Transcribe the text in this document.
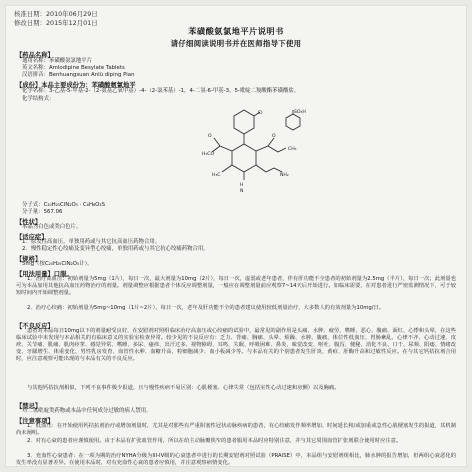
核准日期：2010年06月29日
修改日期：2015年12月01日
苯磺酸氨氯地平片说明书
请仔细阅读说明书并在医师指导下使用
【药品名称】
通用名称：苯磺酸氨氯地平片
英文名称：Amlodipine Besylate Tablets
汉语拼音：Benhuangsuan Anlü diping Pian
【成份】本品主要成份为：苯磺酸氨氯地平
化学名称：3-乙基-5-甲基-2-（2-氨基乙氧甲基）-4-（2-氯苯基）-1，4-二氢-6-甲基-3，5-吡啶二羧酸酯苯磺酸盐。
化学结构式：
Cl
O
H₃CO
O
CH₃
H₃C	NH₂
H
N
SO₃H
分子式：C₂₀H₂₅ClN₂O₅ · C₆H₆O₃S
分子量：567.06
【性状】
本品为白色或类白色片。
【适应症】
1．原发性高血压，单独用药或与其它抗高血压药物合用。
2．慢性稳定性心绞痛及变异型心绞痛，单独用药或与其它抗心绞痛药物合用。
【规格】
5mg（按C₂₀H₂₅ClN₂O₅计）。
【用法用量】口服。
1．治疗高血压：初始剂量为5mg（1片），每日一次，最大剂量为10mg（2片），每日一次，虚弱或老年患者，伴有肝功能不全患者的初始剂量为2.5mg（半片），每日一次；此剂量也可为本品加用其他抗高血压药物治疗的剂量。剂量调整应根据患者个体反应调整剂量，一般应在调整剂量前应观察7~14天后开始进行。如临床需要，在对患者进行严密监测情况下，可于较短时间内开始调整剂量。
2．治疗心绞痛：初始剂量为5mg~10mg（1片~2片），每日一次，老年及肝功能不全的患者建议使用较低剂量治疗，大多数人的有效剂量为10mg/日。
【不良反应】
患者对本品每日10mg以下的剂量耐受良好，在安慰剂对照组临床治疗高血压或心绞痛的试验中，最常见的副作用是头痛、水肿、疲劳、嗜睡、恶心、腹痛、面红、心悸和头晕，在这些临床试验中未发现与本品相关的有临床意义的实验室检查异常。较少见的不良反应有：乏力、背痛、胸痛、头晕、烦躁、水肿、腹痛、体位性低血压、胃肠紊乱、心律不齐、心动过速、皮疹、关节痛、肌痛、肌肉痉挛、感觉异常、嗜睡、多尿、瘙痒、出汗过多、视物障碍、耳鸣、失眠、呼吸困难、鼻炎、味觉改变、呕吐、腹泻、便秘、消化不良、口干、尿频、阳痿、情绪改变、牙龈增生、体重变化、男性乳房发育、血管性水肿、血糖升高、粒细胞减少、血小板减少等。与本品有关的个别患者发生肝炎、黄疸、肝酶升高和过敏性反应。在与其它钙拮抗剂合用时，应注意观察可能出现的与本品有关的不良反应。
与其他钙拮抗剂相似，下列不良事件极少报道，且与慢性疾病不易区别：心肌梗塞、心律失常（包括室性心动过速和房颤）以及胸痛。
【禁忌】
对二氢吡啶类药物或本品中任何成分过敏的病人禁用。
【注意事项】
1．低血压：在开始使用钙拮抗剂治疗或增加剂量时，尤其是对那些有严重阻塞性冠状动脉疾病的患者，有心绞痛发作频率增加、时间延长和/或加重或急性心肌梗塞发生的报道，其机制尚未阐明。
2．对有心衰的患者应谨慎使用。由于本品有扩张血管作用，所以在给主动脉瓣狭窄的患者服用本品时应特别注意，并与其它周围血管扩张剂联合使用时应注意。
3．充血性心衰患者：在一项为期的治疗NYHA分级为III-IV级的心衰患者中进行的长期安慰剂对照试验（PRAISE）中，本品组与安慰剂组相比，肺水肿的报告增加，但两组心衰恶化的发生率没有显著差异。在使用本品时，对有充血性心衰的患者应慎用，并注意观察病情变化。
